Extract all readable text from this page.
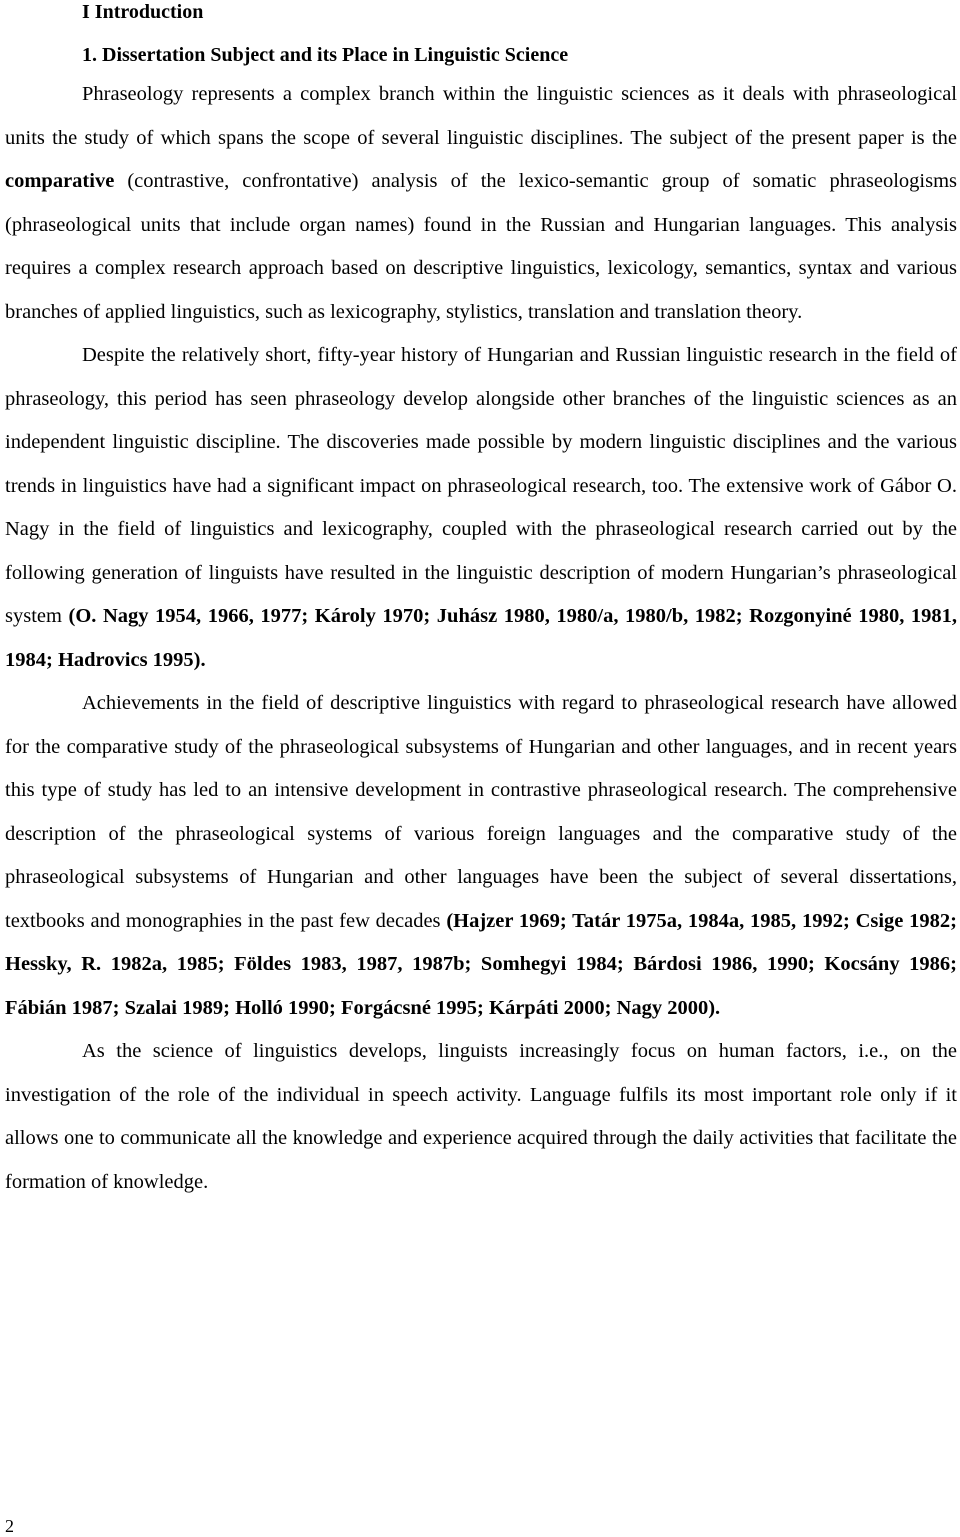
I Introduction
1. Dissertation Subject and its Place in Linguistic Science

Phraseology represents a complex branch within the linguistic sciences as it deals with phraseological units the study of which spans the scope of several linguistic disciplines. The subject of the present paper is the comparative (contrastive, confrontative) analysis of the lexico-semantic group of somatic phraseologisms (phraseological units that include organ names) found in the Russian and Hungarian languages. This analysis requires a complex research approach based on descriptive linguistics, lexicology, semantics, syntax and various branches of applied linguistics, such as lexicography, stylistics, translation and translation theory.

Despite the relatively short, fifty-year history of Hungarian and Russian linguistic research in the field of phraseology, this period has seen phraseology develop alongside other branches of the linguistic sciences as an independent linguistic discipline. The discoveries made possible by modern linguistic disciplines and the various trends in linguistics have had a significant impact on phraseological research, too. The extensive work of Gábor O. Nagy in the field of linguistics and lexicography, coupled with the phraseological research carried out by the following generation of linguists have resulted in the linguistic description of modern Hungarian’s phraseological system (O. Nagy 1954, 1966, 1977; Károly 1970; Juhász 1980, 1980/a, 1980/b, 1982; Rozgonyiné 1980, 1981, 1984; Hadrovics 1995).

Achievements in the field of descriptive linguistics with regard to phraseological research have allowed for the comparative study of the phraseological subsystems of Hungarian and other languages, and in recent years this type of study has led to an intensive development in contrastive phraseological research. The comprehensive description of the phraseological systems of various foreign languages and the comparative study of the phraseological subsystems of Hungarian and other languages have been the subject of several dissertations, textbooks and monographies in the past few decades (Hajzer 1969; Tatár 1975a, 1984a, 1985, 1992; Csige 1982; Hessky, R. 1982a, 1985; Földes 1983, 1987, 1987b; Somhegyi 1984; Bárdosi 1986, 1990; Kocsány 1986; Fábián 1987; Szalai 1989; Holló 1990; Forgácsné 1995; Kárpáti 2000; Nagy 2000).

As the science of linguistics develops, linguists increasingly focus on human factors, i.e., on the investigation of the role of the individual in speech activity. Language fulfils its most important role only if it allows one to communicate all the knowledge and experience acquired through the daily activities that facilitate the formation of knowledge.

2
